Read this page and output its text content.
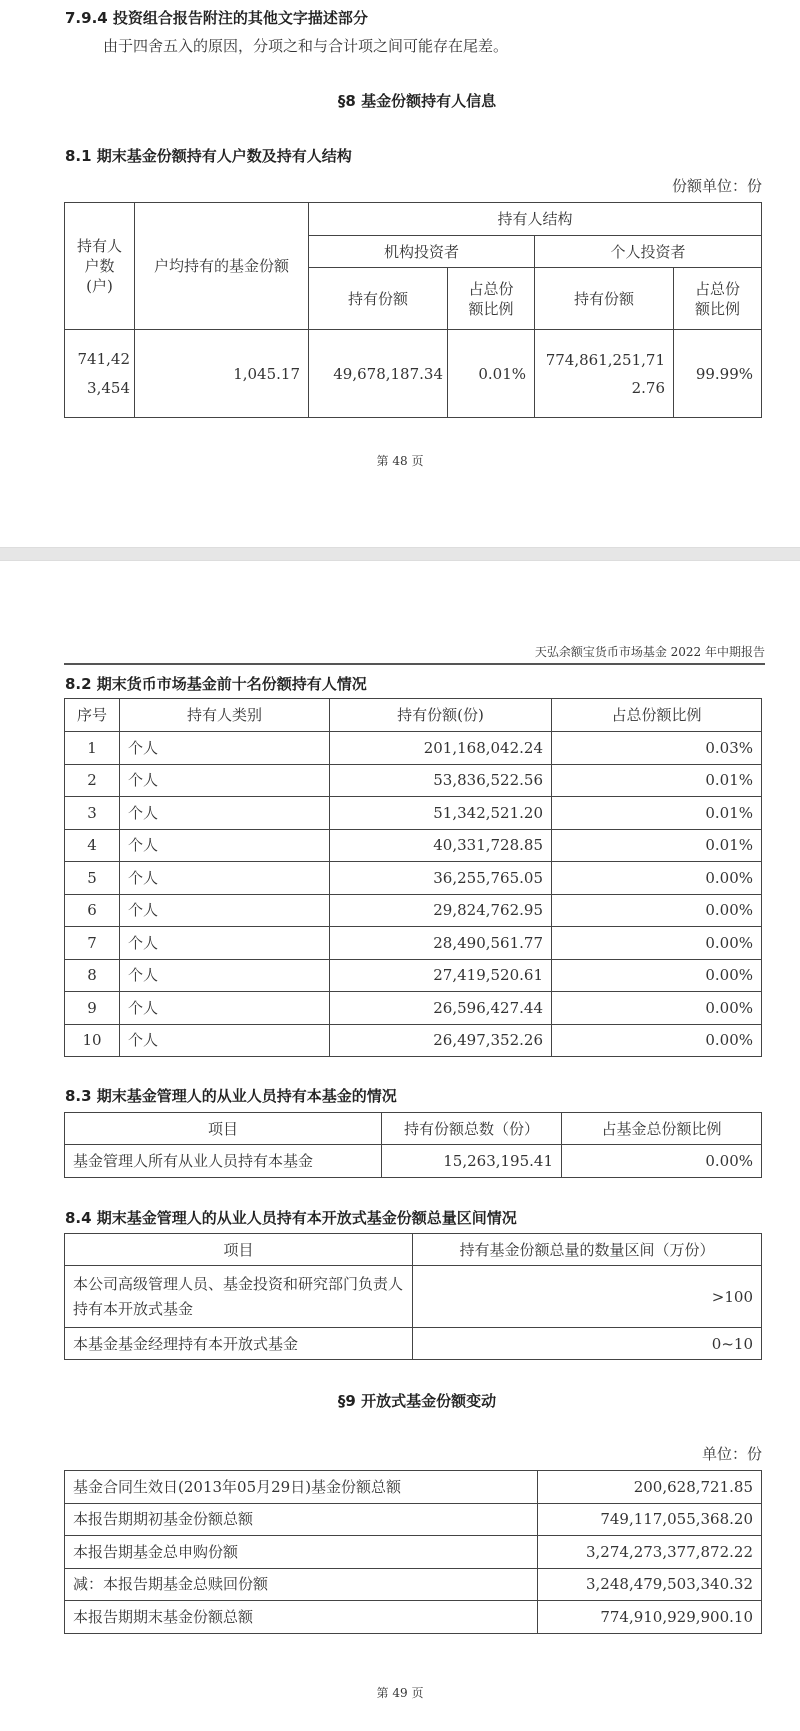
7.9.4 投资组合报告附注的其他文字描述部分
由于四舍五入的原因，分项之和与合计项之间可能存在尾差。
§8 基金份额持有人信息
8.1 期末基金份额持有人户数及持有人结构
份额单位：份
持有人户数(户)	户均持有的基金份额	持有人结构			
		机构投资者		个人投资者	
		持有份额	占总份额比例	持有份额	占总份额比例
741,423,454	1,045.17	49,678,187.34	0.01%	774,861,251,712.76	99.99%
第 48 页
天弘余额宝货币市场基金 2022 年中期报告
8.2 期末货币市场基金前十名份额持有人情况
序号	持有人类别	持有份额(份)	占总份额比例
1	个人	201,168,042.24	0.03%
2	个人	53,836,522.56	0.01%
3	个人	51,342,521.20	0.01%
4	个人	40,331,728.85	0.01%
5	个人	36,255,765.05	0.00%
6	个人	29,824,762.95	0.00%
7	个人	28,490,561.77	0.00%
8	个人	27,419,520.61	0.00%
9	个人	26,596,427.44	0.00%
10	个人	26,497,352.26	0.00%
8.3 期末基金管理人的从业人员持有本基金的情况
项目	持有份额总数（份）	占基金总份额比例
基金管理人所有从业人员持有本基金	15,263,195.41	0.00%
8.4 期末基金管理人的从业人员持有本开放式基金份额总量区间情况
项目	持有基金份额总量的数量区间（万份）
本公司高级管理人员、基金投资和研究部门负责人持有本开放式基金	>100
本基金基金经理持有本开放式基金	0~10
§9 开放式基金份额变动
单位：份
基金合同生效日(2013年05月29日)基金份额总额	200,628,721.85
本报告期期初基金份额总额	749,117,055,368.20
本报告期基金总申购份额	3,274,273,377,872.22
减：本报告期基金总赎回份额	3,248,479,503,340.32
本报告期期末基金份额总额	774,910,929,900.10
第 49 页
